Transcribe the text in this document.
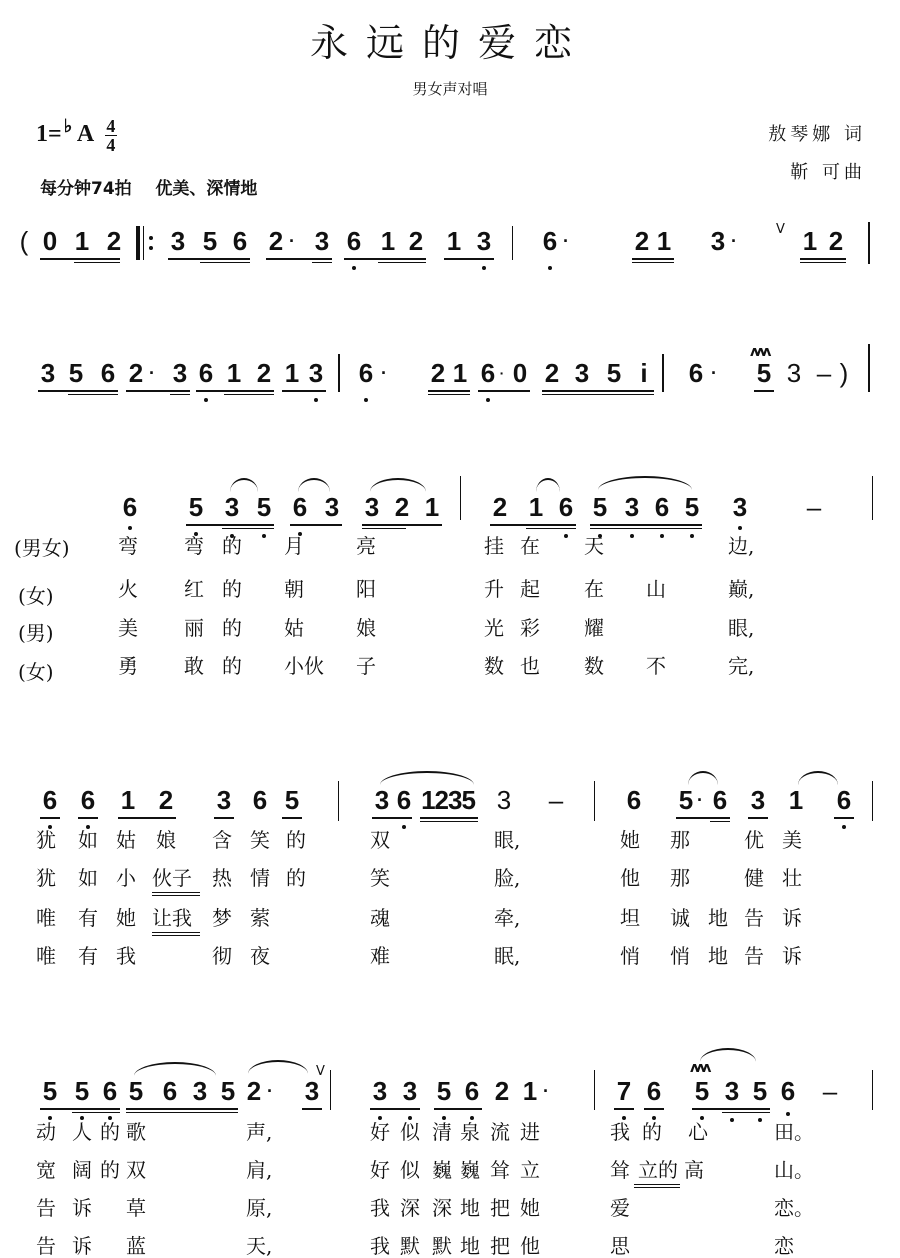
永远的爱恋
男女声对唱
1= ♭ A $\frac{4}{4}$
每分钟74拍 优美、深情地
敖琴娜 词
靳 可曲
( 0 1 2 3 5 6 2 · 3 6 1 2 1 3 6 ·	2 1 3 ·
V 1 2
3 5 6 2 · 3 6 1 2 1 3 6 · 2 1 6 · 0 2 3 5 i 6 ·
ʌʌʌ
5 3 – )
6 5 3 5 6 3 3 2 1 2 1 6 5 3 6 5 3 –
(男女)
(女)
(男)
(女)
弯 弯 的 月	亮	挂 在 天	边,
火 红 的 朝	阳	升 起 在 山	巅,
美 丽 的 姑	娘	光 彩 耀	眼,
勇 敢 的 小伙 子	数 也 数 不	完,
6 6 1 2 3 6 5	3 6 1235 3 – 6 5 · 6 3 1 6
犹 如 姑 娘 含 笑 的	双	眼,	她 那	优 美
犹 如 小 伙子 热 情 的	笑	脸,	他 那	健 壮
唯 有 她 让我 梦 萦	魂	牵,	坦 诚 地 告 诉
唯 有 我	彻 夜	难	眠,	悄 悄 地 告 诉
5 5 6 5 6 3 5 2 · 3
V
3 3 5 6 2 1 ·	7 6
ʌʌʌ
5 3 5 6 –
动 人 的 歌	声,	好 似 清 泉 流 进	我 的 心	田。
宽 阔 的 双	肩,	好 似 巍 巍 耸 立	耸 立的 高	山。
告 诉 草	原,	我 深 深 地 把 她	爱	恋。
告 诉 蓝	天,	我 默 默 地 把 他	思	恋
